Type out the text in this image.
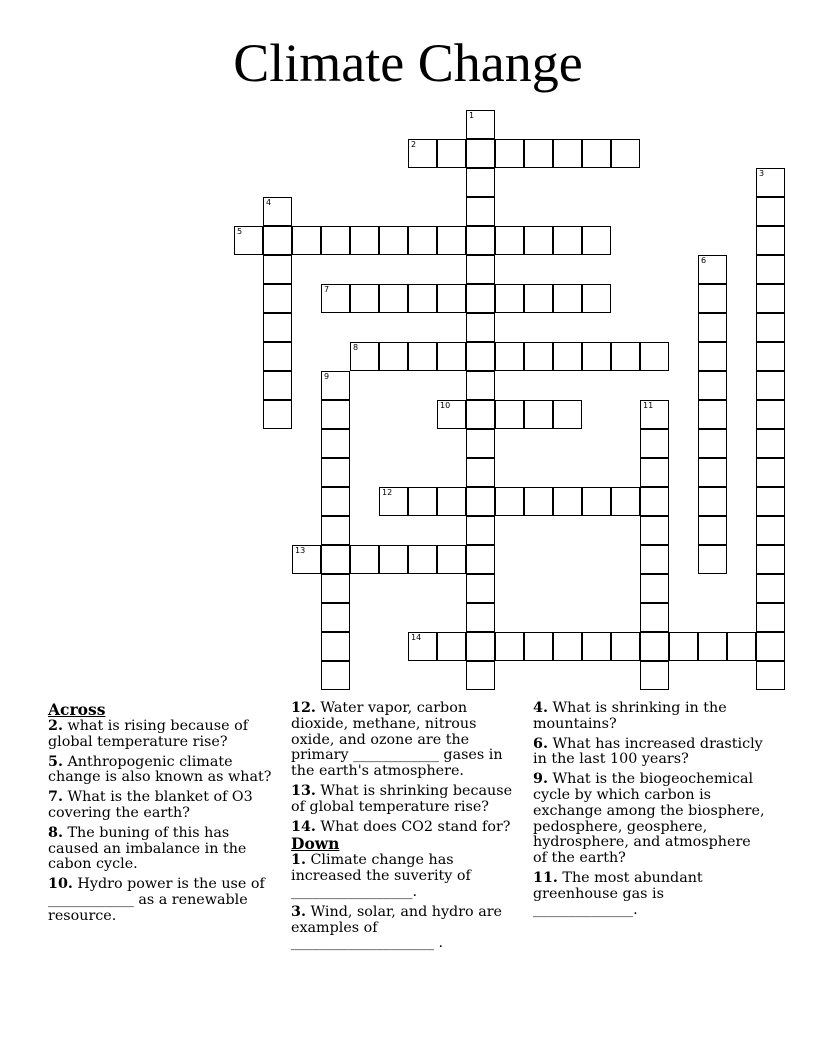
Climate Change
1
2
3
4
5
6
7
8
9
10	11
12
13
14
Across
2. what is rising because of global temperature rise?
5. Anthropogenic climate change is also known as what?
7. What is the blanket of O3 covering the earth?
8. The buning of this has caused an imbalance in the cabon cycle.
10. Hydro power is the use of ____________ as a renewable resource.
12. Water vapor, carbon dioxide, methane, nitrous oxide, and ozone are the primary ____________ gases in the earth's atmosphere.
13. What is shrinking because of global temperature rise?
14. What does CO2 stand for?
Down
1. Climate change has increased the suverity of _________________.
3. Wind, solar, and hydro are examples of ____________________ .
4. What is shrinking in the mountains?
6. What has increased drasticly in the last 100 years?
9. What is the biogeochemical cycle by which carbon is exchange among the biosphere, pedosphere, geosphere, hydrosphere, and atmosphere of the earth?
11. The most abundant greenhouse gas is ______________.
